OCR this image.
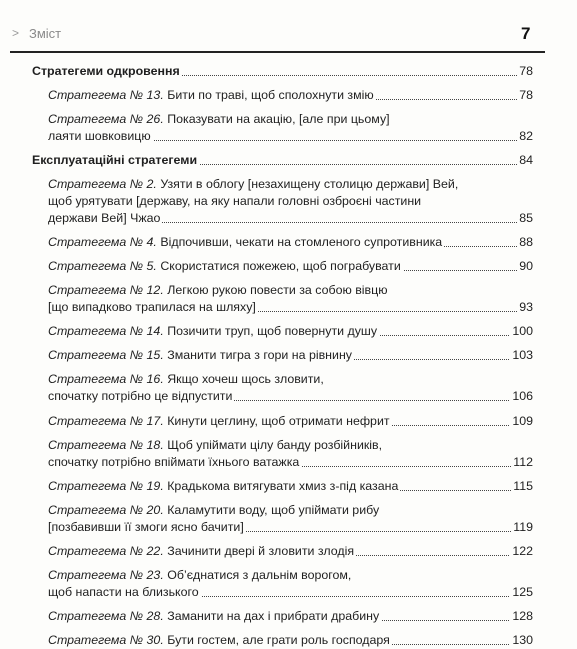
> Зміст	7
Стратегеми одкровення	78
Стратегема № 13. Бити по траві, щоб сполохнути змію	78
Стратегема № 26. Показувати на акацію, [але при цьому]
лаяти шовковицю	82
Експлуатаційні стратегеми	84
Стратегема № 2. Узяти в облогу [незахищену столицю держави] Вей,
щоб урятувати [державу, на яку напали головні озброєні частини
держави Вей] Чжао	85
Стратегема № 4. Відпочивши, чекати на стомленого супротивника	88
Стратегема № 5. Скористатися пожежею, щоб пограбувати	90
Стратегема № 12. Легкою рукою повести за собою вівцю
[що випадково трапилася на шляху]	93
Стратегема № 14. Позичити труп, щоб повернути душу	100
Стратегема № 15. Зманити тигра з гори на рівнину	103
Стратегема № 16. Якщо хочеш щось зловити,
спочатку потрібно це відпустити	106
Стратегема № 17. Кинути цеглину, щоб отримати нефрит	109
Стратегема № 18. Щоб упіймати цілу банду розбійників,
спочатку потрібно впіймати їхнього ватажка	112
Стратегема № 19. Крадькома витягувати хмиз з-під казана	115
Стратегема № 20. Каламутити воду, щоб упіймати рибу
[позбавивши її змоги ясно бачити]	119
Стратегема № 22. Зачинити двері й зловити злодія	122
Стратегема № 23. Об’єднатися з дальнім ворогом,
щоб напасти на близького	125
Стратегема № 28. Заманити на дах і прибрати драбину	128
Стратегема № 30. Бути гостем, але грати роль господаря	130
